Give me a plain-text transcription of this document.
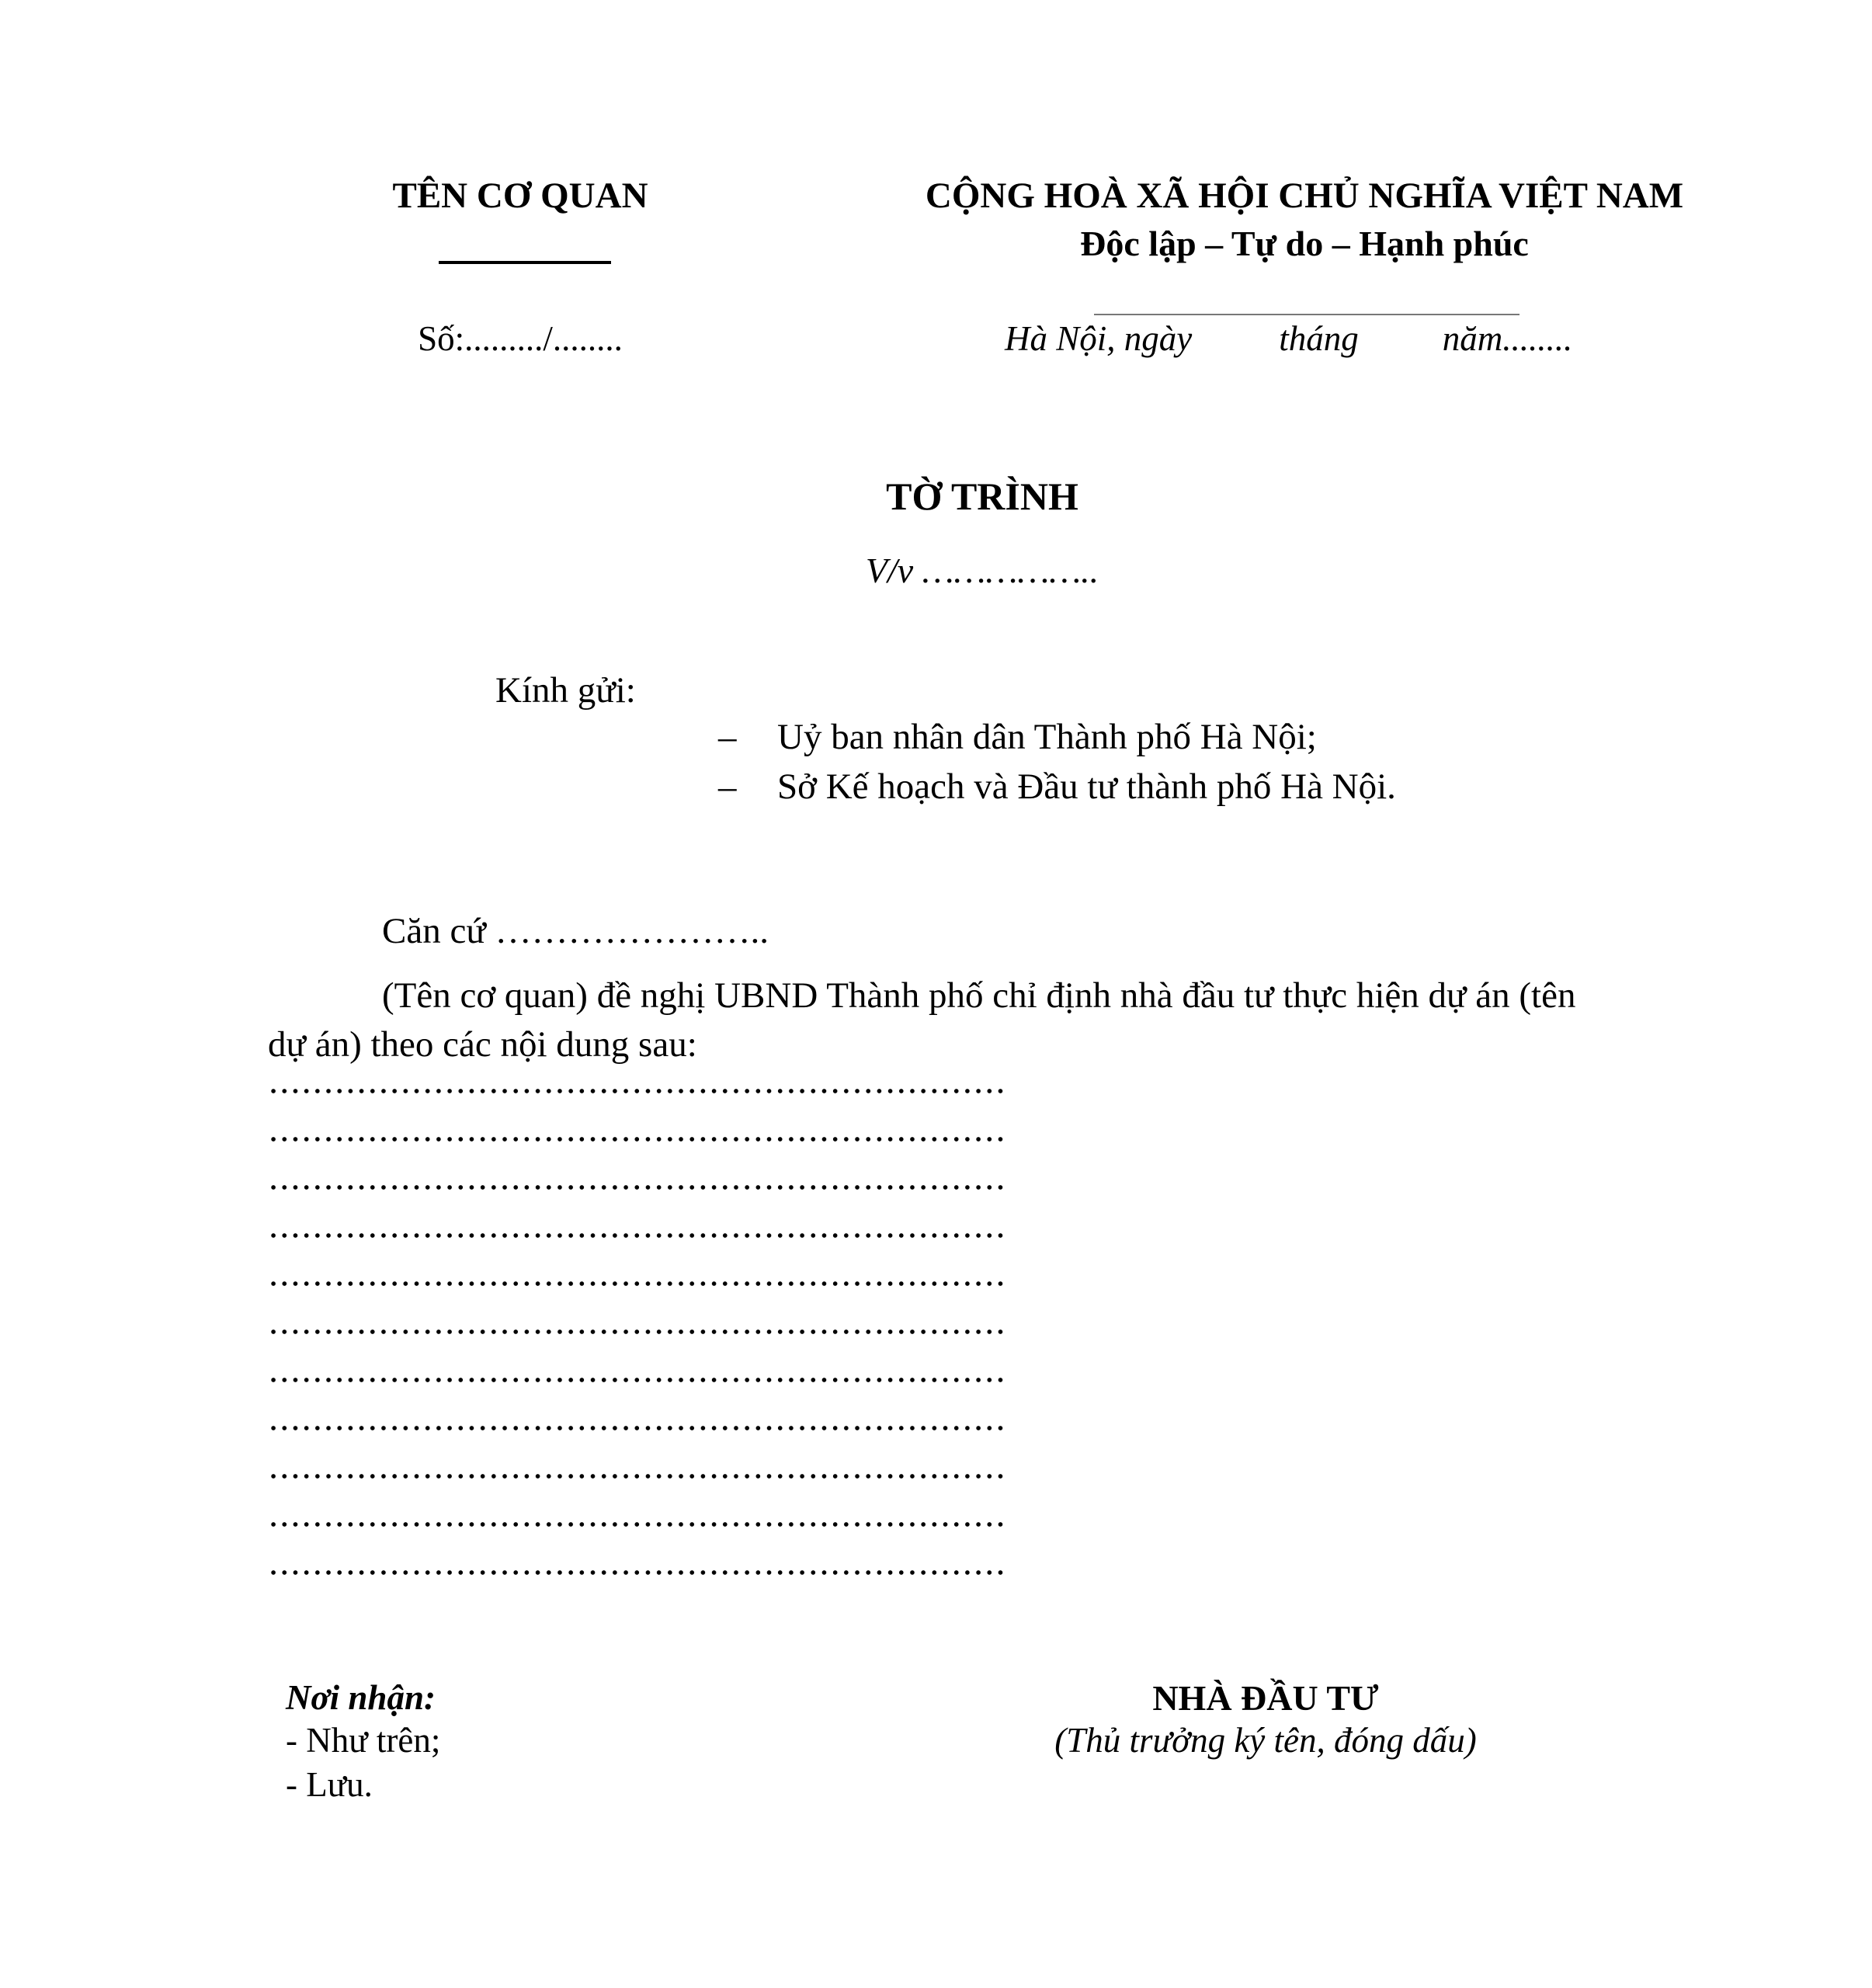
TÊN CƠ QUAN
Số:........./........
CỘNG HOÀ XÃ HỘI CHỦ NGHĨA VIỆT NAM
Độc lập – Tự do – Hạnh phúc
Hà Nội, ngày tháng năm........
TỜ TRÌNH
V/v ……………..
Kính gửi:
– Uỷ ban nhân dân Thành phố Hà Nội;
– Sở Kế hoạch và Đầu tư thành phố Hà Nội.
Căn cứ …………………..
(Tên cơ quan) đề nghị UBND Thành phố chỉ định nhà đầu tư thực hiện dự án (tên
dự án) theo các nội dung sau:
Nơi nhận:
- Như trên;
- Lưu.
NHÀ ĐẦU TƯ
(Thủ trưởng ký tên, đóng dấu)
